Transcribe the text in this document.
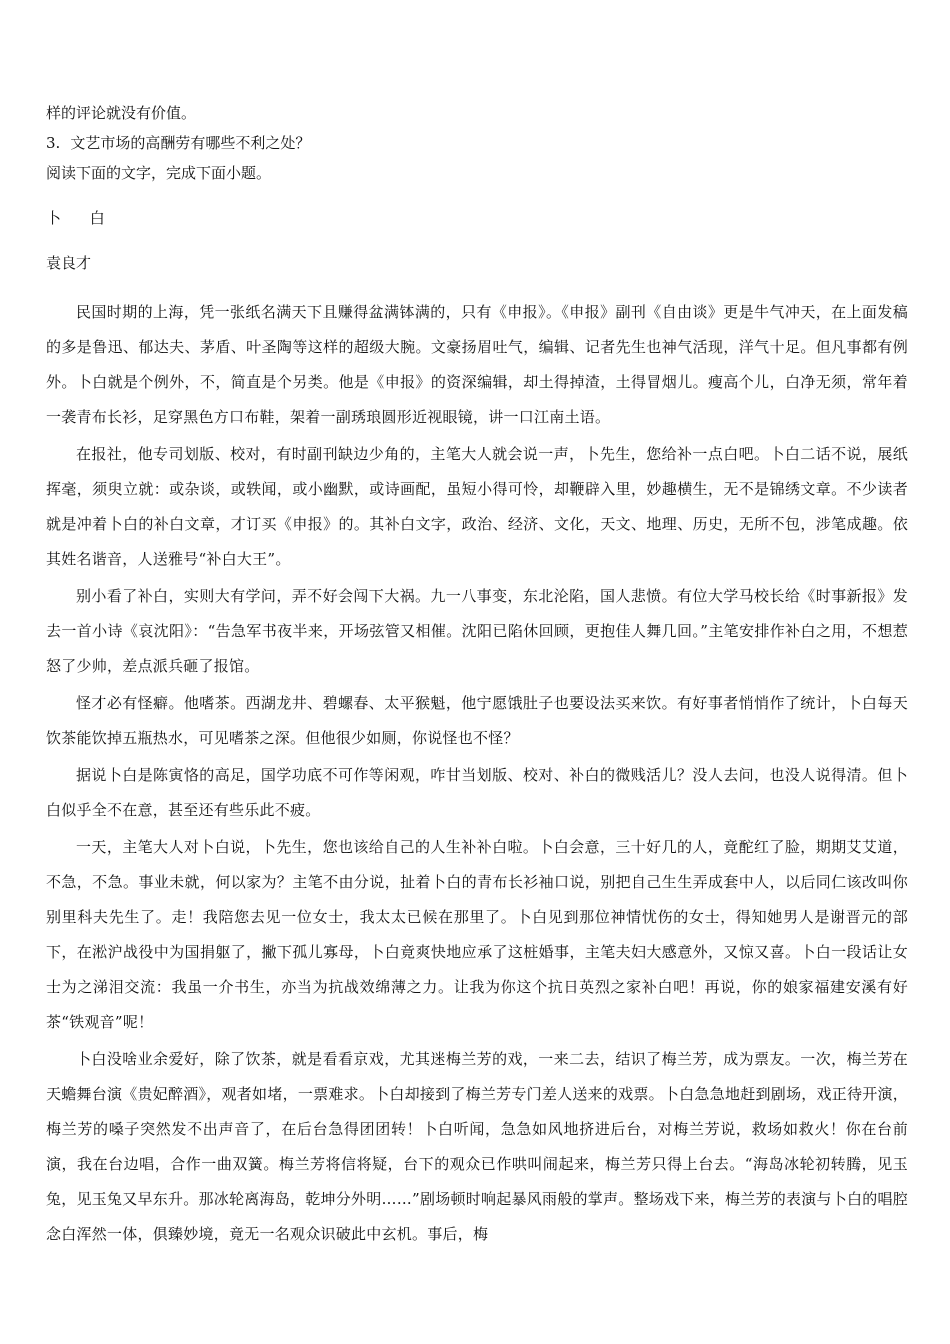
样的评论就没有价值。

3. 文艺市场的高酬劳有哪些不利之处？

阅读下面的文字，完成下面小题。

卜 白

袁良才

民国时期的上海，凭一张纸名满天下且赚得盆满钵满的，只有《申报》。《申报》副刊《自由谈》更是牛气冲天，在上面发稿的多是鲁迅、郁达夫、茅盾、叶圣陶等这样的超级大腕。文豪扬眉吐气，编辑、记者先生也神气活现，洋气十足。但凡事都有例外。卜白就是个例外，不，简直是个另类。他是《申报》的资深编辑，却土得掉渣，土得冒烟儿。瘦高个儿，白净无须，常年着一袭青布长衫，足穿黑色方口布鞋，架着一副琇琅圆形近视眼镜，讲一口江南土语。

在报社，他专司划版、校对，有时副刊缺边少角的，主笔大人就会说一声，卜先生，您给补一点白吧。卜白二话不说，展纸挥毫，须臾立就：或杂谈，或轶闻，或小幽默，或诗画配，虽短小得可怜，却鞭辟入里，妙趣横生，无不是锦绣文章。不少读者就是冲着卜白的补白文章，才订买《申报》的。其补白文字，政治、经济、文化，天文、地理、历史，无所不包，涉笔成趣。依其姓名谐音，人送雅号“补白大王”。

别小看了补白，实则大有学问，弄不好会闯下大祸。九一八事变，东北沦陷，国人悲愤。有位大学马校长给《时事新报》发去一首小诗《哀沈阳》：“告急军书夜半来，开场弦管又相催。沈阳已陷休回顾，更抱佳人舞几回。”主笔安排作补白之用，不想惹怒了少帅，差点派兵砸了报馆。

怪才必有怪癖。他嗜茶。西湖龙井、碧螺春、太平猴魁，他宁愿饿肚子也要设法买来饮。有好事者悄悄作了统计，卜白每天饮茶能饮掉五瓶热水，可见嗜茶之深。但他很少如厕，你说怪也不怪？

据说卜白是陈寅恪的高足，国学功底不可作等闲观，咋甘当划版、校对、补白的微贱活儿？没人去问，也没人说得清。但卜白似乎全不在意，甚至还有些乐此不疲。

一天，主笔大人对卜白说，卜先生，您也该给自己的人生补补白啦。卜白会意，三十好几的人，竟酡红了脸，期期艾艾道，不急，不急。事业未就，何以家为？主笔不由分说，扯着卜白的青布长衫袖口说，别把自己生生弄成套中人，以后同仁该改叫你别里科夫先生了。走！我陪您去见一位女士，我太太已候在那里了。卜白见到那位神情忧伤的女士，得知她男人是谢晋元的部下，在淞沪战役中为国捐躯了，撇下孤儿寡母，卜白竟爽快地应承了这桩婚事，主笔夫妇大感意外，又惊又喜。卜白一段话让女士为之涕泪交流：我虽一介书生，亦当为抗战效绵薄之力。让我为你这个抗日英烈之家补白吧！再说，你的娘家福建安溪有好茶“铁观音”呢！

卜白没啥业余爱好，除了饮茶，就是看看京戏，尤其迷梅兰芳的戏，一来二去，结识了梅兰芳，成为票友。一次，梅兰芳在天蟾舞台演《贵妃醉酒》，观者如堵，一票难求。卜白却接到了梅兰芳专门差人送来的戏票。卜白急急地赶到剧场，戏正待开演，梅兰芳的嗓子突然发不出声音了，在后台急得团团转！卜白听闻，急急如风地挤进后台，对梅兰芳说，救场如救火！你在台前演，我在台边唱，合作一曲双簧。梅兰芳将信将疑，台下的观众已作哄叫闹起来，梅兰芳只得上台去。“海岛冰轮初转腾，见玉兔，见玉兔又早东升。那冰轮离海岛，乾坤分外明……”剧场顿时响起暴风雨般的掌声。整场戏下来，梅兰芳的表演与卜白的唱腔念白浑然一体，俱臻妙境，竟无一名观众识破此中玄机。事后，梅
